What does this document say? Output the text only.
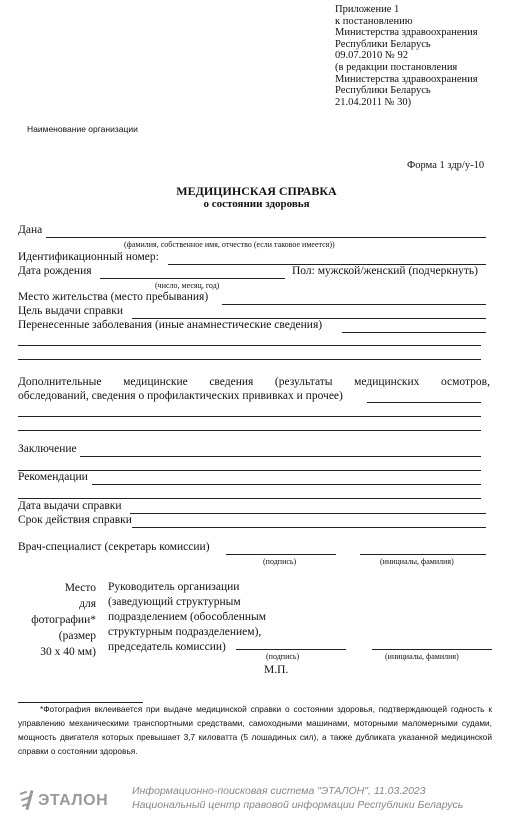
Приложение 1
к постановлению
Министерства здравоохранения
Республики Беларусь
09.07.2010 № 92
(в редакции постановления
Министерства здравоохранения
Республики Беларусь
21.04.2011 № 30)
Наименование организации
Форма 1 здр/у-10
МЕДИЦИНСКАЯ СПРАВКА
о состоянии здоровья
Дана
(фамилия, собственное имя, отчество (если таковое имеется))
Идентификационный номер:
Дата рождения
(число, месяц, год)
Пол: мужской/женский (подчеркнуть)
Место жительства (место пребывания)
Цель выдачи справки
Перенесенные заболевания (иные анамнестические сведения)
Дополнительные медицинские сведения (результаты медицинских осмотров,
обследований, сведения о профилактических прививках и прочее)
Заключение
Рекомендации
Дата выдачи справки
Срок действия справки
Врач-специалист (секретарь комиссии)
(подпись)	(инициалы, фамилия)
Место
для
фотографии*
(размер
30 х 40 мм)
Руководитель организации
(заведующий структурным
подразделением (обособленным
структурным подразделением),
председатель комиссии)
(подпись)	(инициалы, фамилия)
М.П.
*Фотография вклеивается при выдаче медицинской справки о состоянии здоровья, подтверждающей годность к управлению механическими транспортными средствами, самоходными машинами, моторными маломерными судами, мощность двигателя которых превышает 3,7 киловатта (5 лошадиных сил), а также дубликата указанной медицинской справки о состоянии здоровья.
ЭТАЛОН
Информационно-поисковая система "ЭТАЛОН", 11.03.2023
Национальный центр правовой информации Республики Беларусь
